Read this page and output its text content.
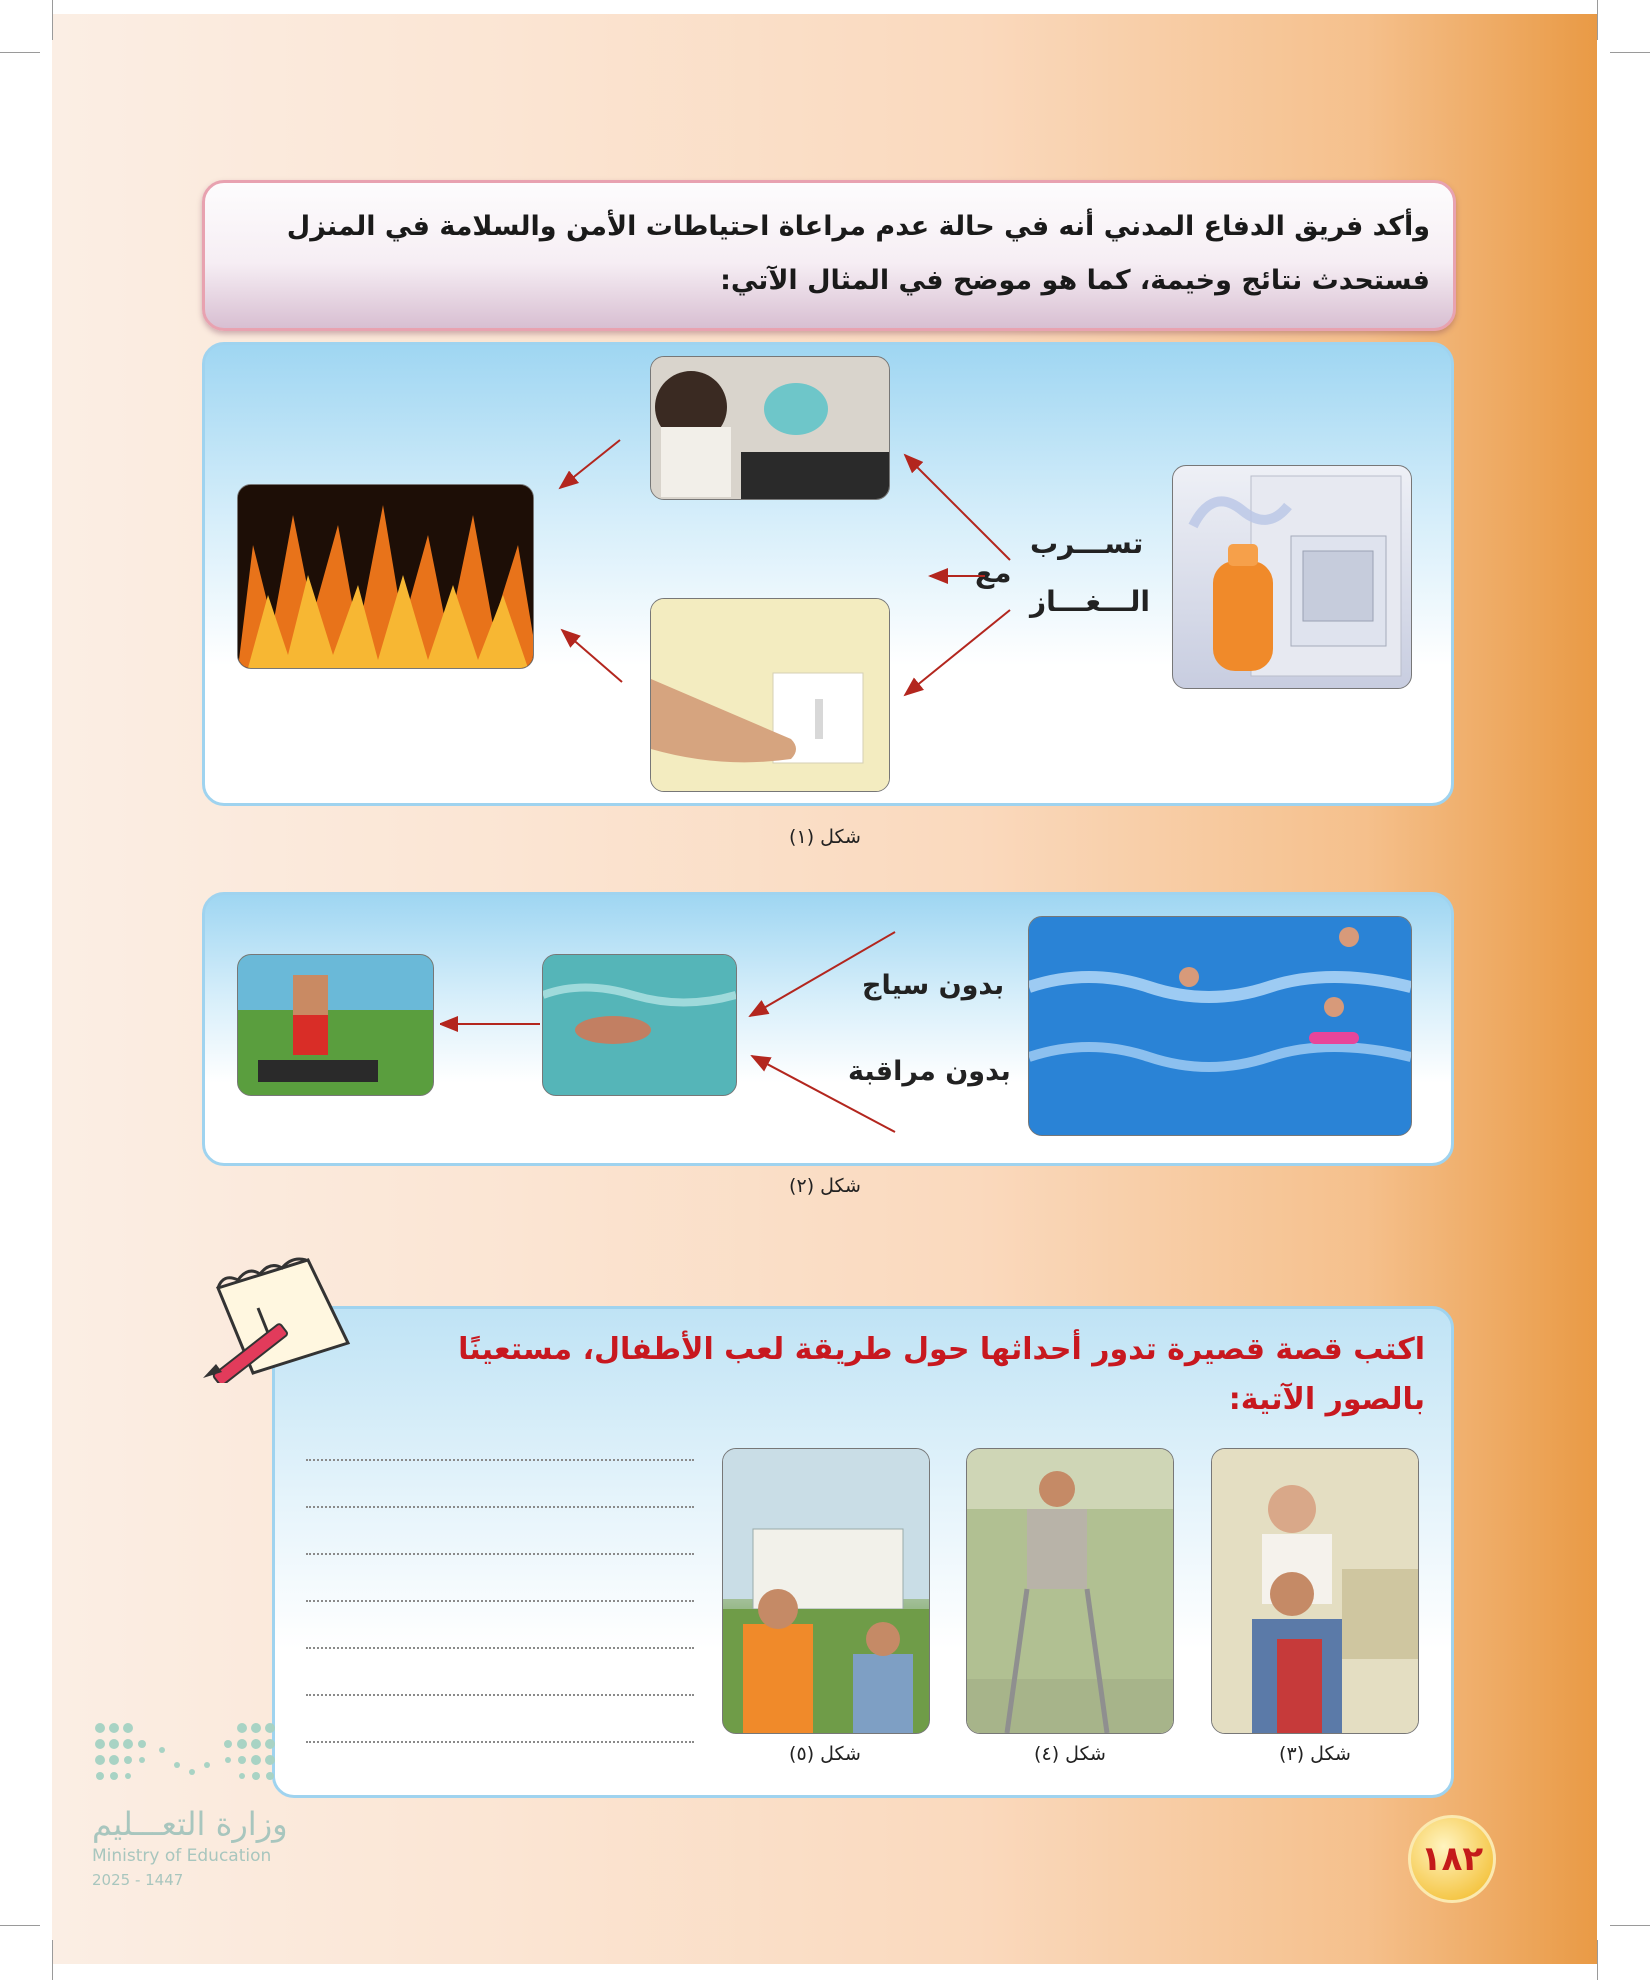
وأكد فريق الدفاع المدني أنه في حالة عدم مراعاة احتياطات الأمن والسلامة في المنزل
فستحدث نتائج وخيمة، كما هو موضح في المثال الآتي:
تســـرب
الـــغـــاز
مع
شكل (١)
بدون سياج
بدون مراقبة
شكل (٢)
اكتب قصة قصيرة تدور أحداثها حول طريقة لعب الأطفال، مستعينًا بالصور الآتية:
شكل (٥)	شكل (٤)	شكل (٣)
وزارة التعـــليم
Ministry of Education
2025 - 1447
١٨٢
